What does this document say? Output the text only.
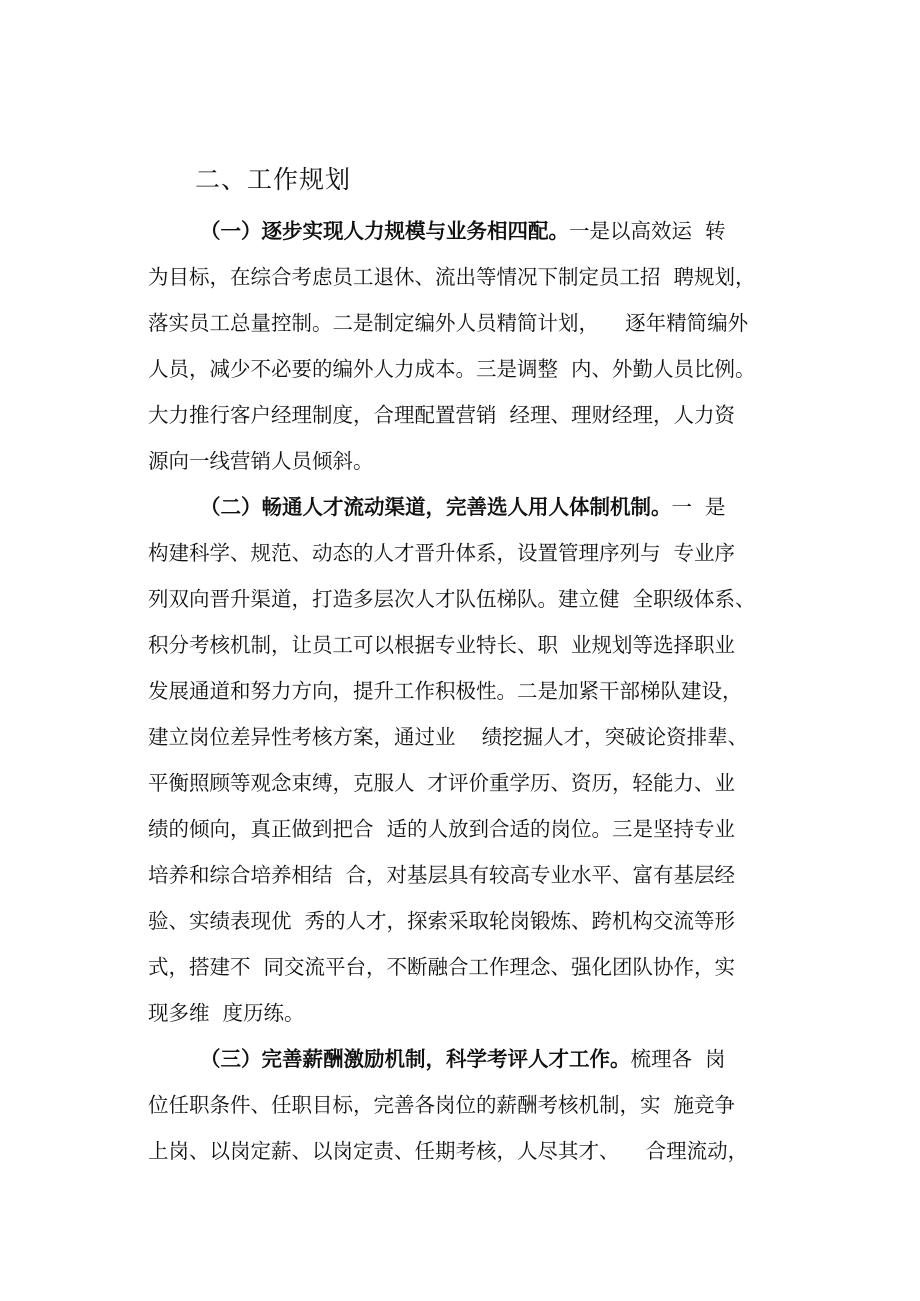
二、工作规划

（一）逐步实现人力规模与业务相四配。一是以高效运  转

为目标，在综合考虑员工退休、流出等情况下制定员工招  聘规划，

落实员工总量控制。二是制定编外人员精简计划，    逐年精简编外

人员，减少不必要的编外人力成本。三是调整  内、外勤人员比例。

大力推行客户经理制度，合理配置营销  经理、理财经理，人力资

源向一线营销人员倾斜。

（二）畅通人才流动渠道，完善选人用人体制机制。一  是

构建科学、规范、动态的人才晋升体系，设置管理序列与  专业序

列双向晋升渠道，打造多层次人才队伍梯队。建立健  全职级体系、

积分考核机制，让员工可以根据专业特长、职  业规划等选择职业

发展通道和努力方向，提升工作积极性。二是加紧干部梯队建设，

建立岗位差异性考核方案，通过业    绩挖掘人才，突破论资排辈、

平衡照顾等观念束缚，克服人  才评价重学历、资历，轻能力、业

绩的倾向，真正做到把合  适的人放到合适的岗位。三是坚持专业

培养和综合培养相结  合，对基层具有较高专业水平、富有基层经

验、实绩表现优  秀的人才，探索采取轮岗锻炼、跨机构交流等形

式，搭建不  同交流平台，不断融合工作理念、强化团队协作，实

现多维  度历练。

（三）完善薪酬激励机制，科学考评人才工作。梳理各  岗

位任职条件、任职目标，完善各岗位的薪酬考核机制，实  施竞争

上岗、以岗定薪、以岗定责、任期考核，人尽其才、    合理流动，
